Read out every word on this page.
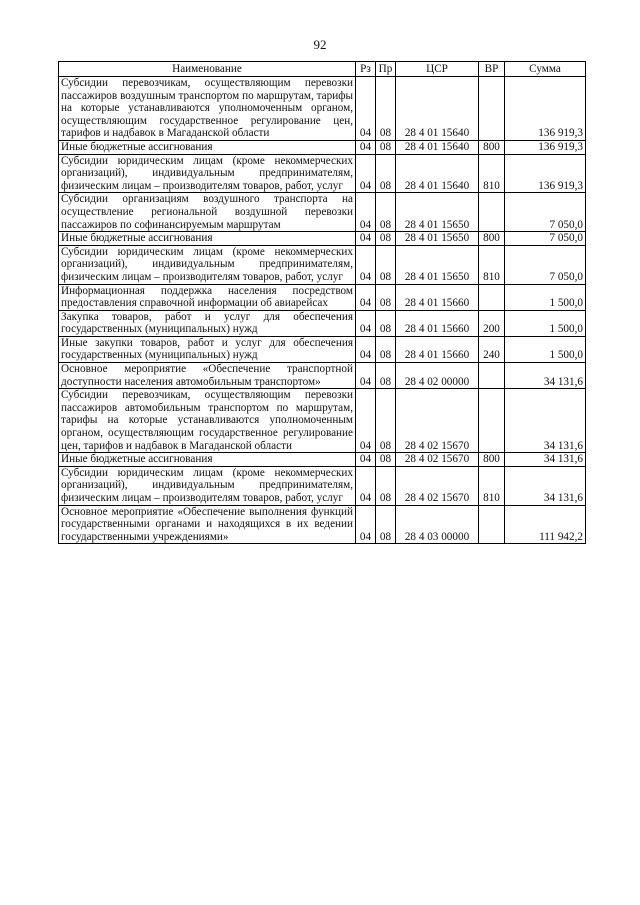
92
Наименование	Рз	Пр	ЦСР	ВР	Сумма
Субсидии перевозчикам, осуществляющим перевозки пассажиров воздушным транспортом по маршрутам, тарифы на которые устанавливаются уполномоченным органом, осуществляющим государственное регулирование цен, тарифов и надбавок в Магаданской области	04	08	28 4 01 15640		136 919,3
Иные бюджетные ассигнования	04	08	28 4 01 15640	800	136 919,3
Субсидии юридическим лицам (кроме некоммерческих организаций), индивидуальным предпринимателям, физическим лицам – производителям товаров, работ, услуг	04	08	28 4 01 15640	810	136 919,3
Субсидии организациям воздушного транспорта на осуществление региональной воздушной перевозки пассажиров по софинансируемым маршрутам	04	08	28 4 01 15650		7 050,0
Иные бюджетные ассигнования	04	08	28 4 01 15650	800	7 050,0
Субсидии юридическим лицам (кроме некоммерческих организаций), индивидуальным предпринимателям, физическим лицам – производителям товаров, работ, услуг	04	08	28 4 01 15650	810	7 050,0
Информационная поддержка населения посредством предоставления справочной информации об авиарейсах	04	08	28 4 01 15660		1 500,0
Закупка товаров, работ и услуг для обеспечения государственных (муниципальных) нужд	04	08	28 4 01 15660	200	1 500,0
Иные закупки товаров, работ и услуг для обеспечения государственных (муниципальных) нужд	04	08	28 4 01 15660	240	1 500,0
Основное мероприятие «Обеспечение транспортной доступности населения автомобильным транспортом»	04	08	28 4 02 00000		34 131,6
Субсидии перевозчикам, осуществляющим перевозки пассажиров автомобильным транспортом по маршрутам, тарифы на которые устанавливаются уполномоченным органом, осуществляющим государственное регулирование цен, тарифов и надбавок в Магаданской области	04	08	28 4 02 15670		34 131,6
Иные бюджетные ассигнования	04	08	28 4 02 15670	800	34 131,6
Субсидии юридическим лицам (кроме некоммерческих организаций), индивидуальным предпринимателям, физическим лицам – производителям товаров, работ, услуг	04	08	28 4 02 15670	810	34 131,6
Основное мероприятие «Обеспечение выполнения функций государственными органами и находящихся в их ведении государственными учреждениями»	04	08	28 4 03 00000		111 942,2
